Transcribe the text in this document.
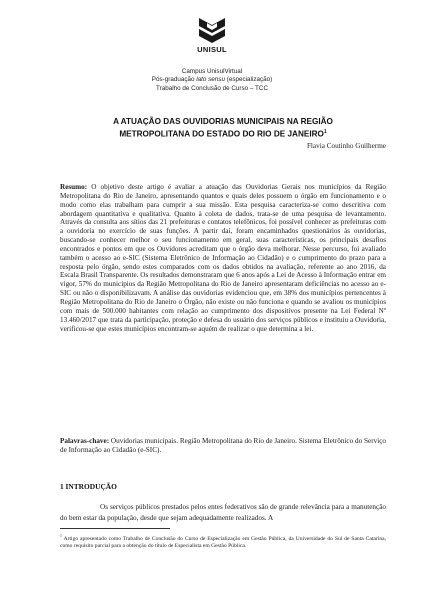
UNISUL
Campus UnisulVirtual
Pós-graduação lato sensu (especialização)
Trabalho de Conclusão de Curso – TCC
A ATUAÇÃO DAS OUVIDORIAS MUNICIPAIS NA REGIÃO
METROPOLITANA DO ESTADO DO RIO DE JANEIRO$^1$
Flavia Coutinho Guilherme
Resumo: O objetivo deste artigo é avaliar a atuação das Ouvidorias Gerais nos municípios da Região Metropolitana do Rio de Janeiro, apresentando quantos e quais deles possuem o órgão em funcionamento e o modo como elas trabalham para cumprir a sua missão. Esta pesquisa caracteriza-se como descritiva com abordagem quantitativa e qualitativa. Quanto à coleta de dados, trata-se de uma pesquisa de levantamento. Através da consulta aos sítios das 21 prefeituras e contatos telefônicos, foi possível conhecer as prefeituras com a ouvidoria no exercício de suas funções. A partir daí, foram encaminhados questionários às ouvidorias, buscando-se conhecer melhor o seu funcionamento em geral, suas características, os principais desafios encontrados e pontos em que os Ouvidores acreditam que o órgão deva melhorar. Nesse percurso, foi avaliado também o acesso ao e-SIC (Sistema Eletrônico de Informação ao Cidadão) e o cumprimento do prazo para a resposta pelo órgão, sendo estes comparados com os dados obtidos na avaliação, referente ao ano 2016, da Escala Brasil Transparente. Os resultados demonstraram que 6 anos após a Lei de Acesso à Informação entrar em vigor, 57% do municípios da Região Metropolitana do Rio de Janeiro apresentaram deficiências no acesso ao e-SIC ou não o disponibilizavam. A análise das ouvidorias evidenciou que, em 38% dos municípios pertencentes à Região Metropolitana do Rio de Janeiro o Órgão, não existe ou não funciona e quando se avaliou os municípios com mais de 500.000 habitantes com relação ao cumprimento dos dispositivos presente na Lei Federal Nº 13.460/2017 que trata da participação, proteção e defesa do usuário dos serviços públicos e instituiu a Ouvidoria, verificou-se que estes municípios encontram-se aquém de realizar o que determina a lei.
Palavras-chave: Ouvidorias municipais. Região Metropolitana do Rio de Janeiro. Sistema Eletrônico do Serviço de Informação ao Cidadão (e-SIC).
1 INTRODUÇÃO
Os serviços públicos prestados pelos entes federativos são de grande relevância para a manutenção do bem estar da população, desde que sejam adequadamente realizados. A
$^1$ Artigo apresentado como Trabalho de Conclusão do Curso de Especialização em Gestão Pública, da Universidade do Sul de Santa Catarina, como requisito parcial para a obtenção do título de Especialista em Gestão Pública.
